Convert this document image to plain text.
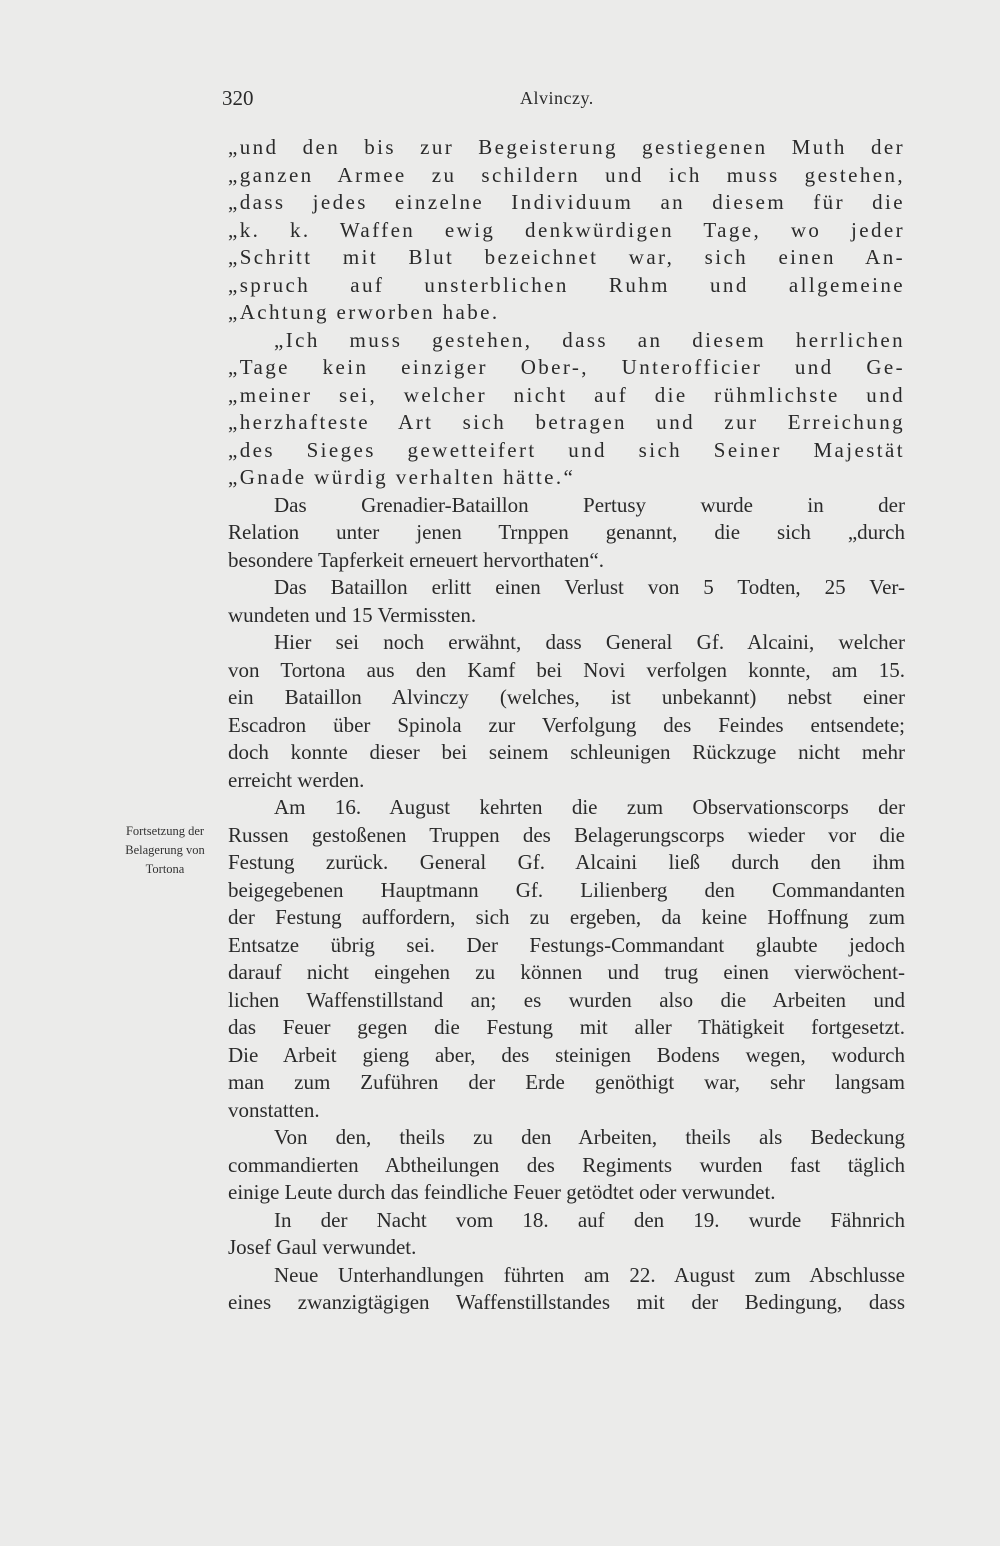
320	Alvinczy.
Fortsetzung der
Belagerung von
Tortona
„und den bis zur Begeisterung gestiegenen Muth der
„ganzen Armee zu schildern und ich muss gestehen,
„dass jedes einzelne Individuum an diesem für die
„k. k. Waffen ewig denkwürdigen Tage, wo jeder
„Schritt mit Blut bezeichnet war, sich einen An-
„spruch auf unsterblichen Ruhm und allgemeine
„Achtung erworben habe.
„Ich muss gestehen, dass an diesem herrlichen
„Tage kein einziger Ober-, Unterofficier und Ge-
„meiner sei, welcher nicht auf die rühmlichste und
„herzhafteste Art sich betragen und zur Erreichung
„des Sieges gewetteifert und sich Seiner Majestät
„Gnade würdig verhalten hätte.“
Das Grenadier-Bataillon Pertusy wurde in der
Relation unter jenen Trnppen genannt, die sich „durch
besondere Tapferkeit erneuert hervorthaten“.
Das Bataillon erlitt einen Verlust von 5 Todten, 25 Ver-
wundeten und 15 Vermissten.
Hier sei noch erwähnt, dass General Gf. Alcaini, welcher
von Tortona aus den Kamf bei Novi verfolgen konnte, am 15.
ein Bataillon Alvinczy (welches, ist unbekannt) nebst einer
Escadron über Spinola zur Verfolgung des Feindes entsendete;
doch konnte dieser bei seinem schleunigen Rückzuge nicht mehr
erreicht werden.
Am 16. August kehrten die zum Observationscorps der
Russen gestoßenen Truppen des Belagerungscorps wieder vor die
Festung zurück. General Gf. Alcaini ließ durch den ihm
beigegebenen Hauptmann Gf. Lilienberg den Commandanten
der Festung auffordern, sich zu ergeben, da keine Hoffnung zum
Entsatze übrig sei. Der Festungs-Commandant glaubte jedoch
darauf nicht eingehen zu können und trug einen vierwöchent-
lichen Waffenstillstand an; es wurden also die Arbeiten und
das Feuer gegen die Festung mit aller Thätigkeit fortgesetzt.
Die Arbeit gieng aber, des steinigen Bodens wegen, wodurch
man zum Zuführen der Erde genöthigt war, sehr langsam
vonstatten.
Von den, theils zu den Arbeiten, theils als Bedeckung
commandierten Abtheilungen des Regiments wurden fast täglich
einige Leute durch das feindliche Feuer getödtet oder verwundet.
In der Nacht vom 18. auf den 19. wurde Fähnrich
Josef Gaul verwundet.
Neue Unterhandlungen führten am 22. August zum Abschlusse
eines zwanzigtägigen Waffenstillstandes mit der Bedingung, dass
